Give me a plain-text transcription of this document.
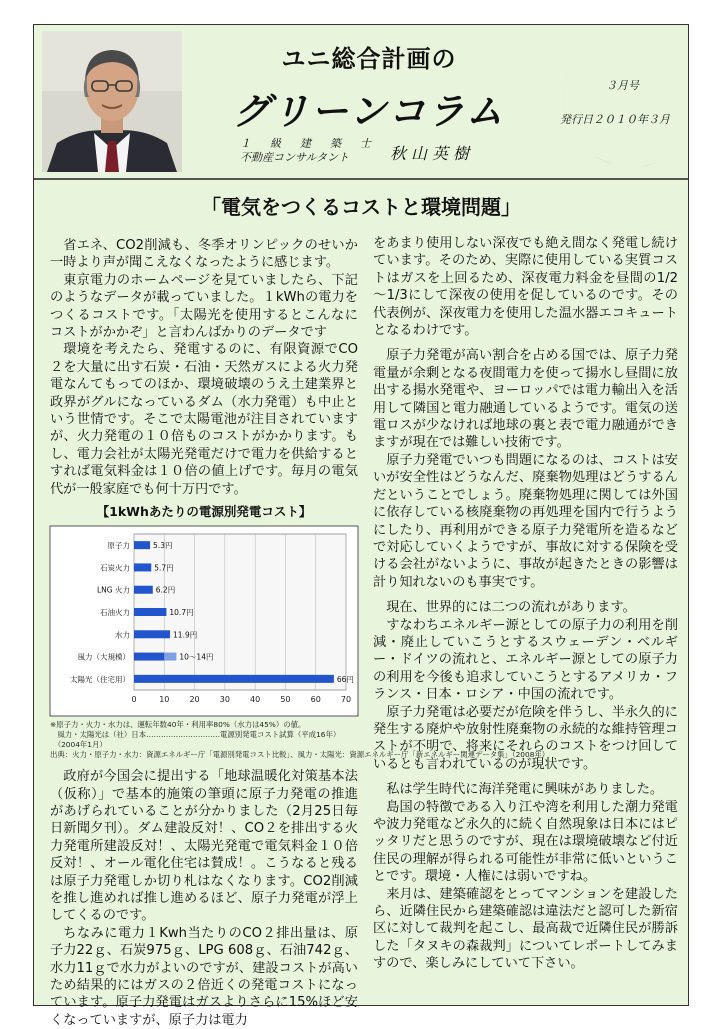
ユニ総合計画の
グリーンコラム
１　級　建　築　士
不動産コンサルタント	秋山英樹
３月号
発行日２０１０年３月
「電気をつくるコストと環境問題」

省エネ、CO2削減も、冬季オリンピックのせいか一時より声が聞こえなくなったように感じます。

東京電力のホームページを見ていましたら、下記のようなデータが載っていました。１kWhの電力をつくるコストです。「太陽光を使用するとこんなにコストがかかぞ」と言わんばかりのデータです

環境を考えたら、発電するのに、有限資源でCO２を大量に出す石炭・石油・天然ガスによる火力発電なんてもってのほか、環境破壊のうえ土建業界と政界がグルになっているダム（水力発電）も中止という世情です。そこで太陽電池が注目されていますが、火力発電の１０倍ものコストがかかります。もし、電力会社が太陽光発電だけで電力を供給するとすれば電気料金は１０倍の値上げです。毎月の電気代が一般家庭でも何十万円です。

【1kWhあたりの電源別発電コスト】
0	10	20	30	40	50	60	70
原子力	5.3円
石炭火力	5.7円
LNG 火力	6.2円
石油火力	10.7円
水力	11.9円
風力（大規模）	10～14円
太陽光（住宅用）	66円
※原子力・火力・水力は、運転年数40年・利用率80%（水力は45%）の値。
　風力・太陽光は（社）日本…………………………電源別発電コスト試算（平成16年）
　（2004年1月）
出典：火力・原子力・水力：資源エネルギー庁「電源別発電コスト比較」、風力・太陽光：資源エネルギー庁「新エネルギー関連データ集」（2008年）

政府が今国会に提出する「地球温暖化対策基本法（仮称）」で基本的施策の筆頭に原子力発電の推進があげられていることが分かりました（2月25日毎日新聞夕刊）。ダム建設反対！、CO２を排出する火力発電所建設反対！、太陽光発電で電気料金１０倍反対！、オール電化住宅は賛成！。こうなると残るは原子力発電しか切り札はなくなります。CO2削減を推し進めれば推し進めるほど、原子力発電が浮上してくるのです。

ちなみに電力１Kwh当たりのCO２排出量は、原子力22ｇ、石炭975ｇ、LPG 608ｇ、石油742ｇ、水力11ｇで水力がよいのですが、建設コストが高いため結果的にはガスの２倍近くの発電コストになっています。原子力発電はガスよりさらに15%ほど安くなっていますが、原子力は電力

をあまり使用しない深夜でも絶え間なく発電し続けています。そのため、実際に使用している実質コストはガスを上回るため、深夜電力料金を昼間の1/2～1/3にして深夜の使用を促しているのです。その代表例が、深夜電力を使用した温水器エコキュートとなるわけです。

原子力発電が高い割合を占める国では、原子力発電量が余剰となる夜間電力を使って揚水し昼間に放出する揚水発電や、ヨーロッパでは電力輸出入を活用して隣国と電力融通しているようです。電気の送電ロスが少なければ地球の裏と表で電力融通ができますが現在では難しい技術です。

原子力発電でいつも問題になるのは、コストは安いが安全性はどうなんだ、廃棄物処理はどうするんだということでしょう。廃棄物処理に関しては外国に依存している核廃棄物の再処理を国内で行うようにしたり、再利用ができる原子力発電所を造るなどで対応していくようですが、事故に対する保険を受ける会社がないように、事故が起きたときの影響は計り知れないのも事実です。

現在、世界的には二つの流れがあります。

すなわちエネルギー源としての原子力の利用を削減・廃止していこうとするスウェーデン・ベルギー・ドイツの流れと、エネルギー源としての原子力の利用を今後も追求していこうとするアメリカ・フランス・日本・ロシア・中国の流れです。

原子力発電は必要だが危険を伴うし、半永久的に発生する廃炉や放射性廃棄物の永続的な維持管理コストが不明で、将来にそれらのコストをつけ回しているとも言われているのが現状です。

私は学生時代に海洋発電に興味がありました。

島国の特徴である入り江や湾を利用した潮力発電や波力発電など永久的に続く自然現象は日本にはピッタリだと思うのですが、現在は環境破壊など付近住民の理解が得られる可能性が非常に低いということです。環境・人権には弱いですね。

来月は、建築確認をとってマンションを建設したら、近隣住民から建築確認は違法だと認可した新宿区に対して裁判を起こし、最高裁で近隣住民が勝訴した「タヌキの森裁判」についてレポートしてみますので、楽しみにしていて下さい。
